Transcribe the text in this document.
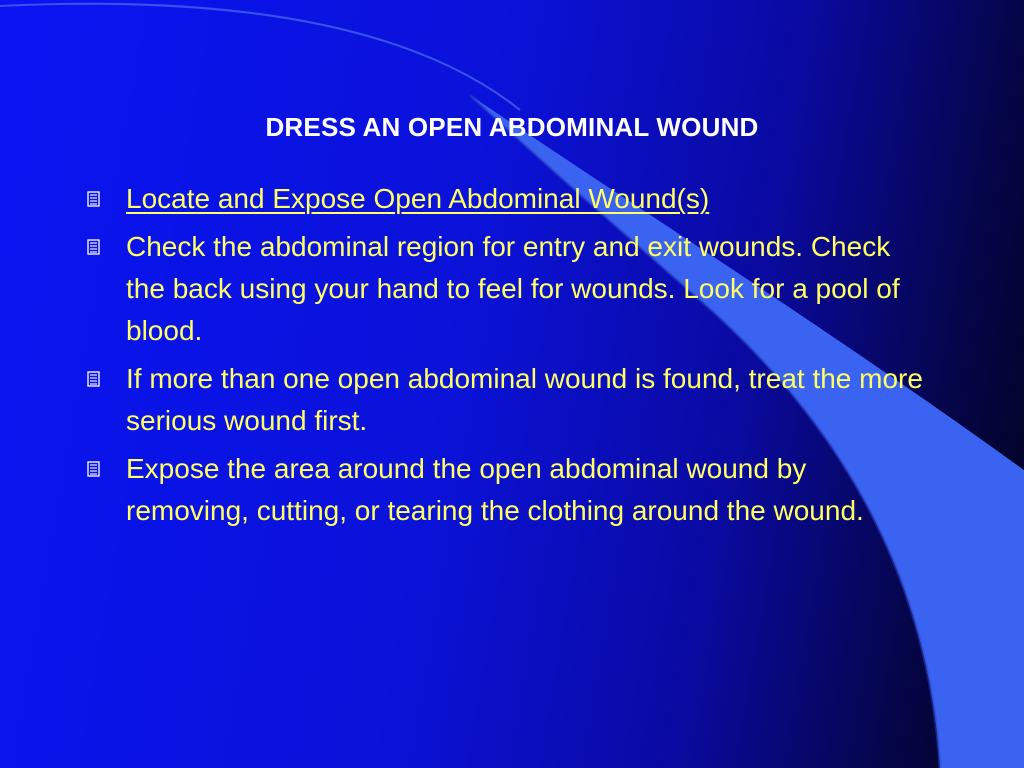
DRESS AN OPEN ABDOMINAL WOUND
Locate and Expose Open Abdominal Wound(s)
Check the abdominal region for entry and exit wounds. Check the back using your hand to feel for wounds. Look for a pool of blood.
If more than one open abdominal wound is found, treat the more serious wound first.
Expose the area around the open abdominal wound by removing, cutting, or tearing the clothing around the wound.
